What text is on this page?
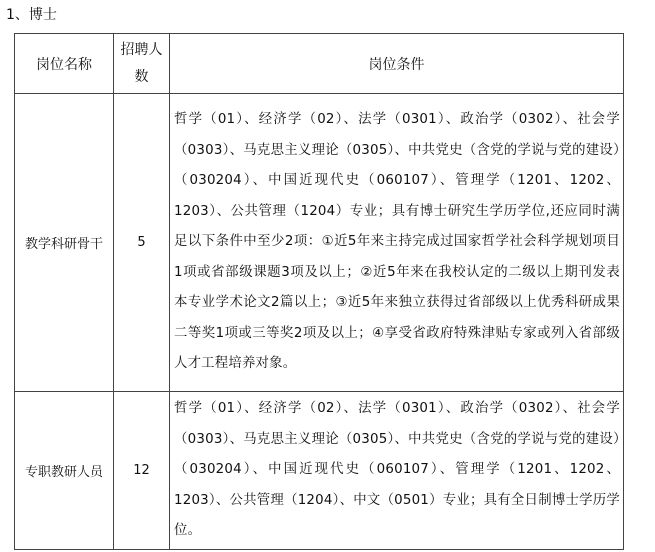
1、博士
岗位名称	招聘人数	岗位条件
教学科研骨干	5	哲学（01）、经济学（02）、法学（0301）、政治学（0302）、社会学（0303）、马克思主义理论（0305）、中共党史（含党的学说与党的建设）（030204）、中国近现代史（060107）、管理学（1201、1202、1203）、公共管理（1204）专业；具有博士研究生学历学位,还应同时满足以下条件中至少2项：①近5年来主持完成过国家哲学社会科学规划项目1项或省部级课题3项及以上；②近5年来在我校认定的二级以上期刊发表本专业学术论文2篇以上；③近5年来独立获得过省部级以上优秀科研成果二等奖1项或三等奖2项及以上；④享受省政府特殊津贴专家或列入省部级人才工程培养对象。
专职教研人员	12	哲学（01）、经济学（02）、法学（0301）、政治学（0302）、社会学（0303）、马克思主义理论（0305）、中共党史（含党的学说与党的建设）（030204）、中国近现代史（060107）、管理学（1201、1202、1203）、公共管理（1204）、中文（0501）专业；具有全日制博士学历学位。
